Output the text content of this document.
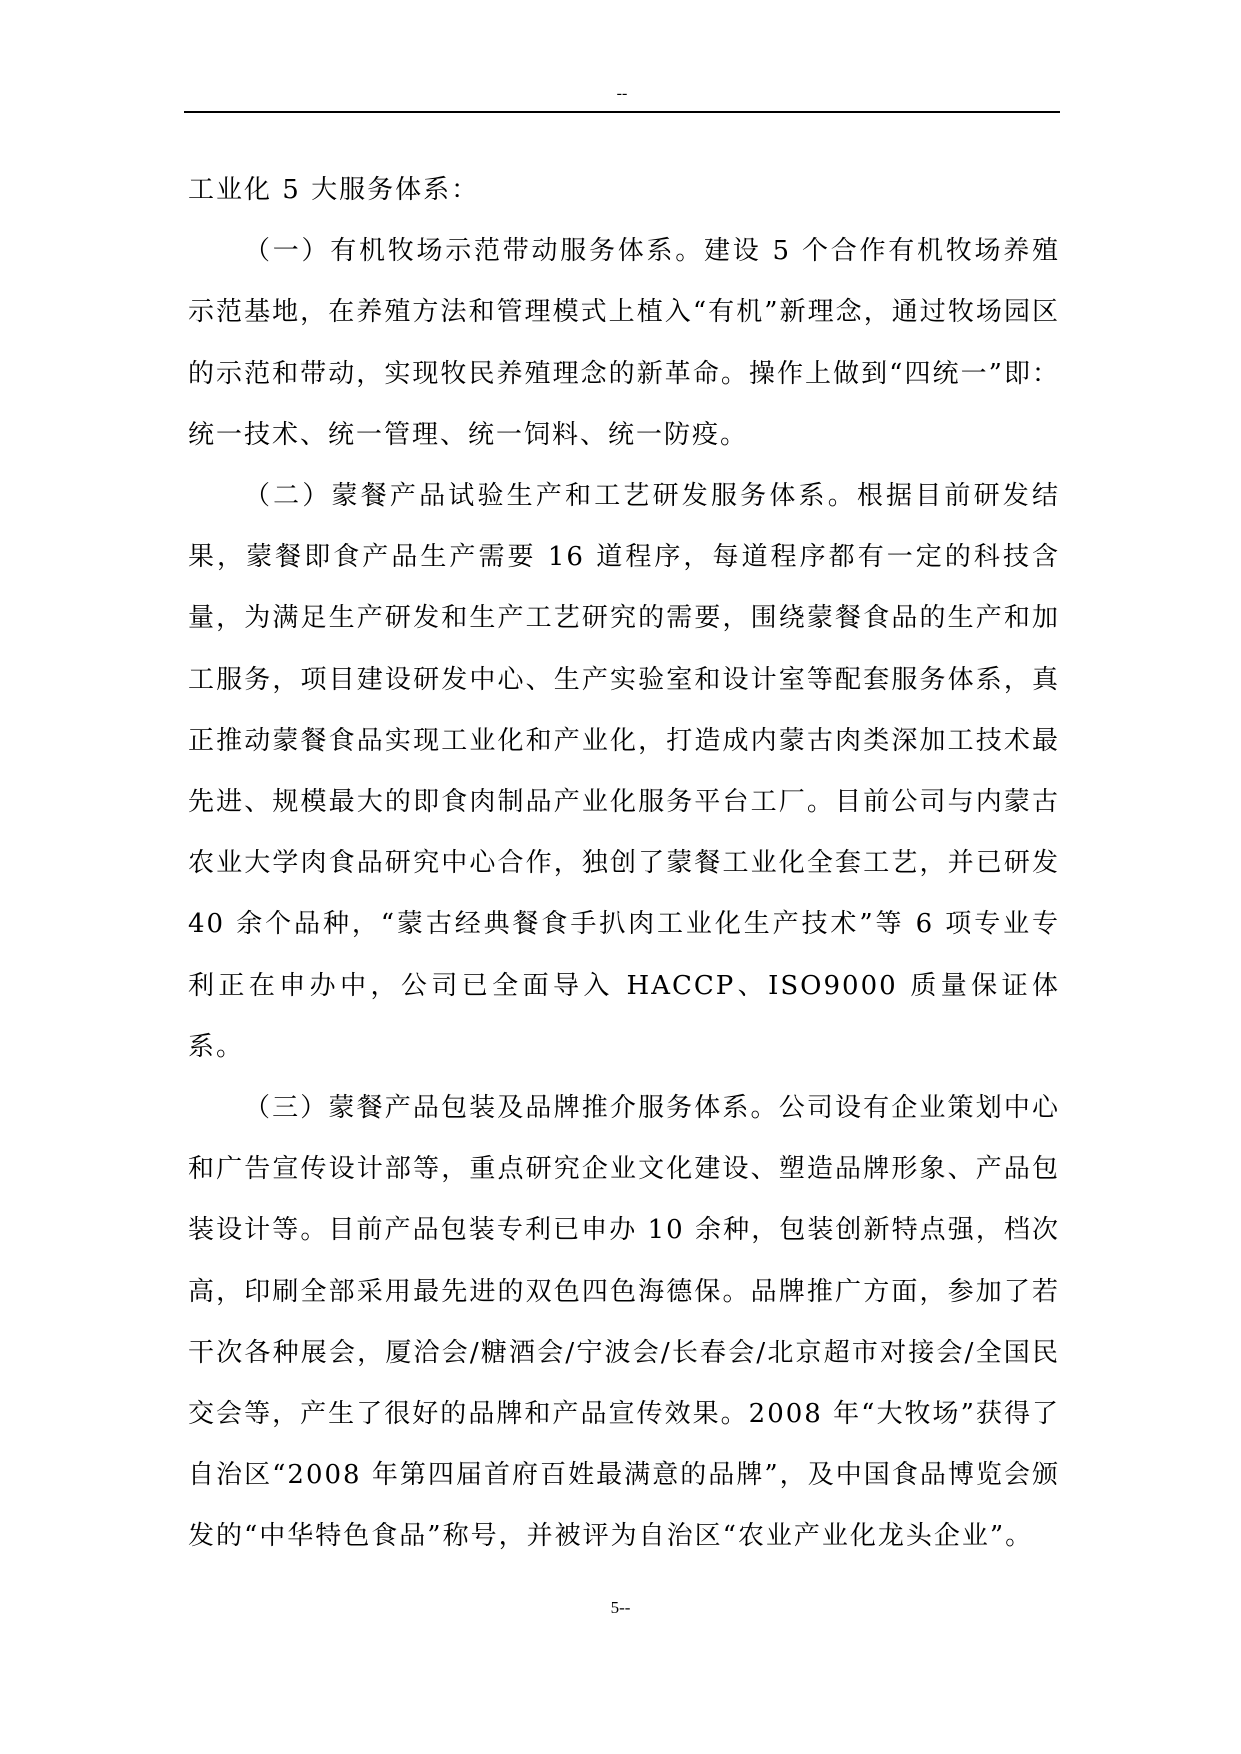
--

工业化 5 大服务体系：

（一）有机牧场示范带动服务体系。建设 5 个合作有机牧场养殖示范基地，在养殖方法和管理模式上植入“有机”新理念，通过牧场园区的示范和带动，实现牧民养殖理念的新革命。操作上做到“四统一”即：统一技术、统一管理、统一饲料、统一防疫。

（二）蒙餐产品试验生产和工艺研发服务体系。根据目前研发结果，蒙餐即食产品生产需要 16 道程序，每道程序都有一定的科技含量，为满足生产研发和生产工艺研究的需要，围绕蒙餐食品的生产和加工服务，项目建设研发中心、生产实验室和设计室等配套服务体系，真正推动蒙餐食品实现工业化和产业化，打造成内蒙古肉类深加工技术最先进、规模最大的即食肉制品产业化服务平台工厂。目前公司与内蒙古农业大学肉食品研究中心合作，独创了蒙餐工业化全套工艺，并已研发 40 余个品种，“蒙古经典餐食手扒肉工业化生产技术”等 6 项专业专利正在申办中，公司已全面导入 HACCP、ISO9000 质量保证体系。

（三）蒙餐产品包装及品牌推介服务体系。公司设有企业策划中心和广告宣传设计部等，重点研究企业文化建设、塑造品牌形象、产品包装设计等。目前产品包装专利已申办 10 余种，包装创新特点强，档次高，印刷全部采用最先进的双色四色海德保。品牌推广方面，参加了若干次各种展会，厦洽会/糖酒会/宁波会/长春会/北京超市对接会/全国民交会等，产生了很好的品牌和产品宣传效果。2008 年“大牧场”获得了自治区“2008 年第四届首府百姓最满意的品牌”，及中国食品博览会颁发的“中华特色食品”称号，并被评为自治区“农业产业化龙头企业”。

5--
